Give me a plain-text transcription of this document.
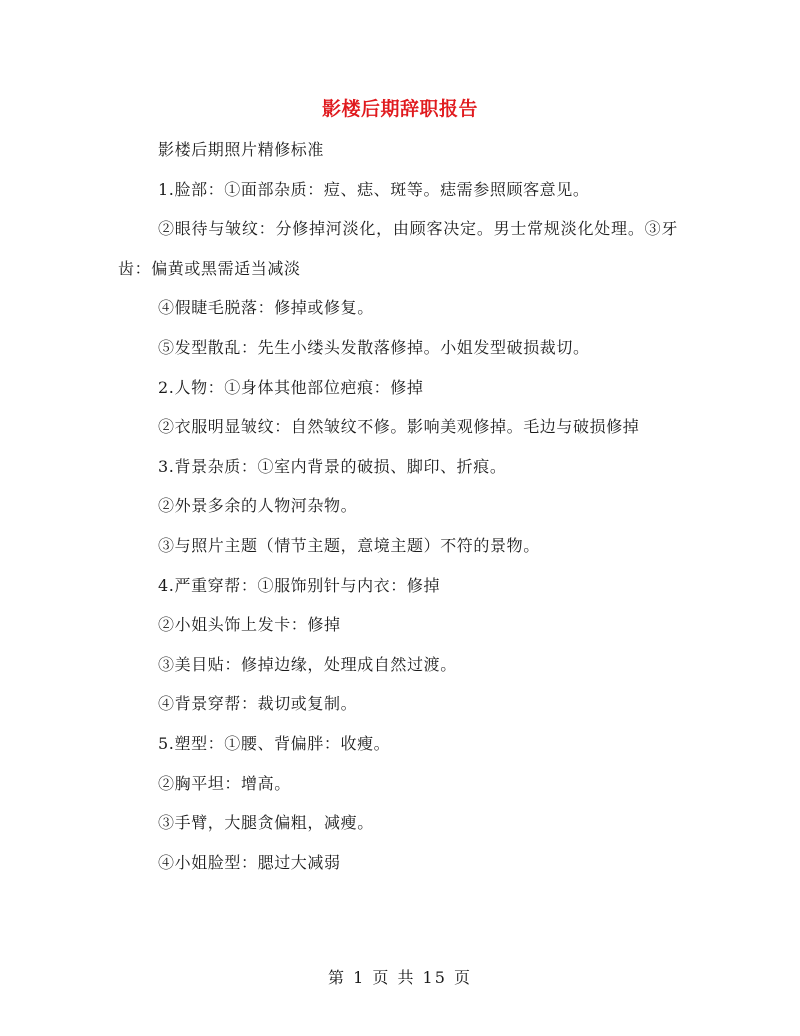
影楼后期辞职报告

影楼后期照片精修标准

1.脸部：①面部杂质：痘、痣、斑等。痣需参照顾客意见。

②眼待与皱纹：分修掉河淡化，由顾客决定。男士常规淡化处理。③牙齿：偏黄或黑需适当减淡

④假睫毛脱落：修掉或修复。

⑤发型散乱：先生小缕头发散落修掉。小姐发型破损裁切。

2.人物：①身体其他部位疤痕：修掉

②衣服明显皱纹：自然皱纹不修。影响美观修掉。毛边与破损修掉

3.背景杂质：①室内背景的破损、脚印、折痕。

②外景多余的人物河杂物。

③与照片主题（情节主题，意境主题）不符的景物。

4.严重穿帮：①服饰别针与内衣：修掉

②小姐头饰上发卡：修掉

③美目贴：修掉边缘，处理成自然过渡。

④背景穿帮：裁切或复制。

5.塑型：①腰、背偏胖：收瘦。

②胸平坦：增高。

③手臂，大腿贪偏粗，减瘦。

④小姐脸型：腮过大减弱

第 1 页 共 15 页
